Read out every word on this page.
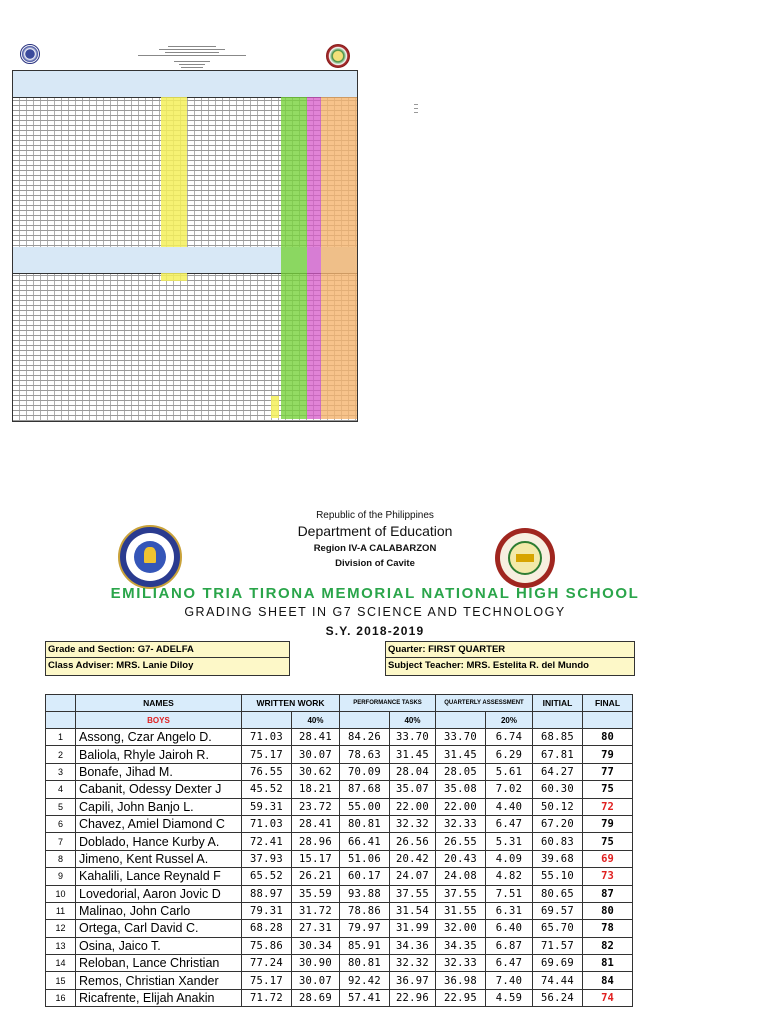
Republic of the Philippines
Department of Education
Region IV-A CALABARZON
Division of Cavite
EMILIANO TRIA TIRONA MEMORIAL NATIONAL HIGH SCHOOL
GRADING SHEET IN G7 SCIENCE AND TECHNOLOGY
S.Y. 2018-2019
Grade and Section: G7- ADELFA
Class Adviser: MRS. Lanie Diloy
Quarter: FIRST QUARTER
Subject Teacher: MRS. Estelita R. del Mundo
	NAMES	WRITTEN WORK		PERFORMANCE TASKS		QUARTERLY ASSESSMENT		INITIAL	FINAL
	BOYS		40%		40%		20%		
1	Assong, Czar Angelo D.	71.03	28.41	84.26	33.70	33.70	6.74	68.85	80
2	Baliola, Rhyle Jairoh R.	75.17	30.07	78.63	31.45	31.45	6.29	67.81	79
3	Bonafe, Jihad M.	76.55	30.62	70.09	28.04	28.05	5.61	64.27	77
4	Cabanit, Odessy Dexter J	45.52	18.21	87.68	35.07	35.08	7.02	60.30	75
5	Capili, John Banjo L.	59.31	23.72	55.00	22.00	22.00	4.40	50.12	72
6	Chavez, Amiel Diamond C	71.03	28.41	80.81	32.32	32.33	6.47	67.20	79
7	Doblado, Hance Kurby A.	72.41	28.96	66.41	26.56	26.55	5.31	60.83	75
8	Jimeno, Kent Russel A.	37.93	15.17	51.06	20.42	20.43	4.09	39.68	69
9	Kahalili, Lance Reynald F	65.52	26.21	60.17	24.07	24.08	4.82	55.10	73
10	Lovedorial, Aaron Jovic D	88.97	35.59	93.88	37.55	37.55	7.51	80.65	87
11	Malinao, John Carlo	79.31	31.72	78.86	31.54	31.55	6.31	69.57	80
12	Ortega, Carl David C.	68.28	27.31	79.97	31.99	32.00	6.40	65.70	78
13	Osina, Jaico T.	75.86	30.34	85.91	34.36	34.35	6.87	71.57	82
14	Reloban, Lance Christian	77.24	30.90	80.81	32.32	32.33	6.47	69.69	81
15	Remos, Christian Xander	75.17	30.07	92.42	36.97	36.98	7.40	74.44	84
16	Ricafrente, Elijah Anakin	71.72	28.69	57.41	22.96	22.95	4.59	56.24	74
